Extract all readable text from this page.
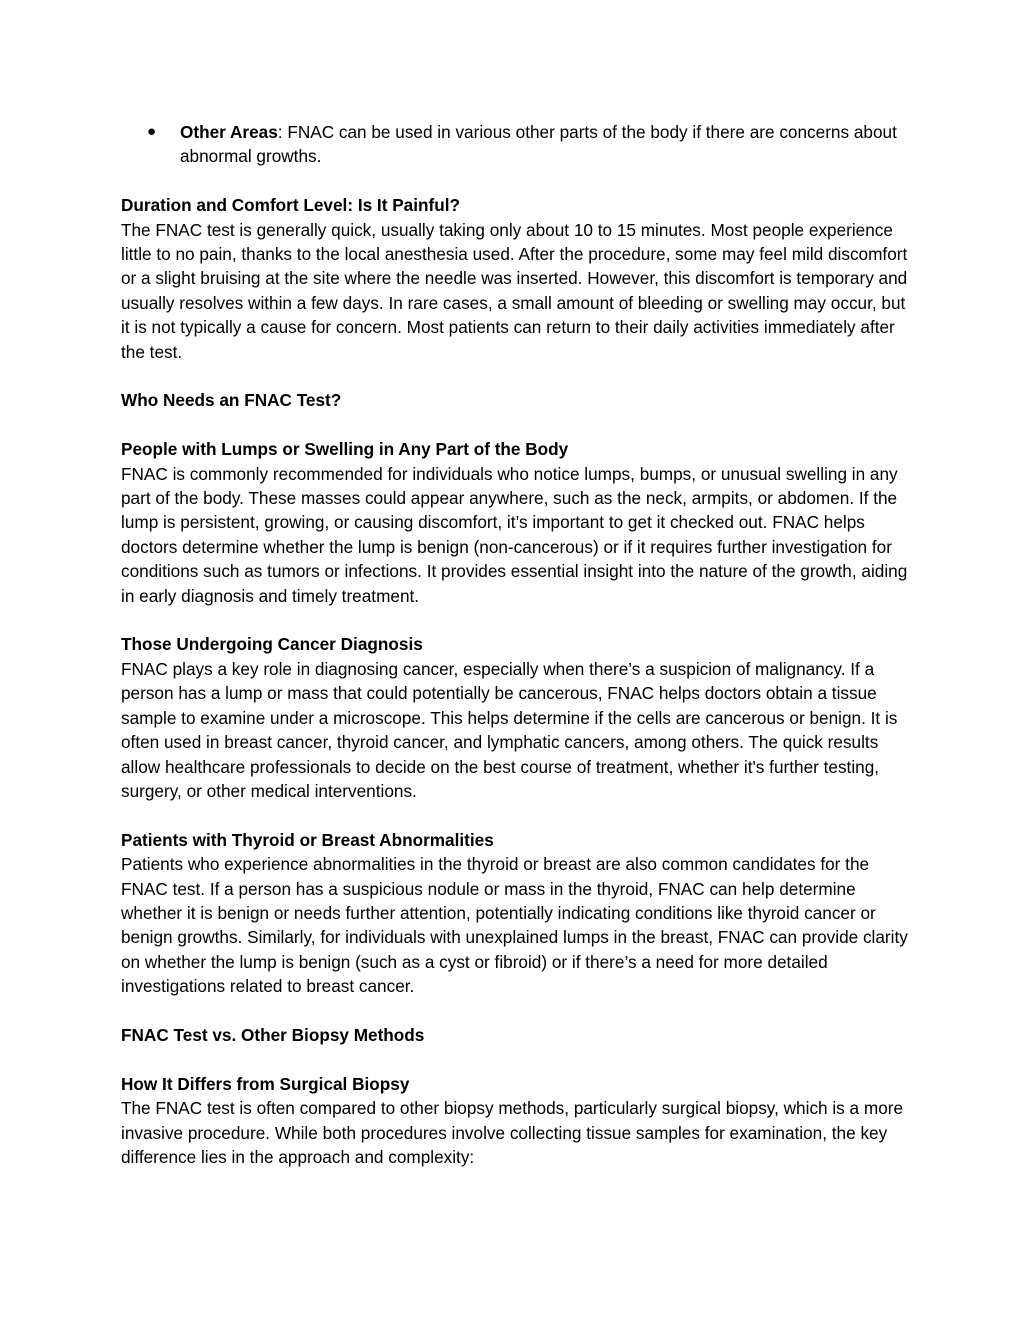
● Other Areas: FNAC can be used in various other parts of the body if there are concerns about abnormal growths.

Duration and Comfort Level: Is It Painful?

The FNAC test is generally quick, usually taking only about 10 to 15 minutes. Most people experience little to no pain, thanks to the local anesthesia used. After the procedure, some may feel mild discomfort or a slight bruising at the site where the needle was inserted. However, this discomfort is temporary and usually resolves within a few days. In rare cases, a small amount of bleeding or swelling may occur, but it is not typically a cause for concern. Most patients can return to their daily activities immediately after the test.

Who Needs an FNAC Test?

People with Lumps or Swelling in Any Part of the Body

FNAC is commonly recommended for individuals who notice lumps, bumps, or unusual swelling in any part of the body. These masses could appear anywhere, such as the neck, armpits, or abdomen. If the lump is persistent, growing, or causing discomfort, it’s important to get it checked out. FNAC helps doctors determine whether the lump is benign (non-cancerous) or if it requires further investigation for conditions such as tumors or infections. It provides essential insight into the nature of the growth, aiding in early diagnosis and timely treatment.

Those Undergoing Cancer Diagnosis

FNAC plays a key role in diagnosing cancer, especially when there’s a suspicion of malignancy. If a person has a lump or mass that could potentially be cancerous, FNAC helps doctors obtain a tissue sample to examine under a microscope. This helps determine if the cells are cancerous or benign. It is often used in breast cancer, thyroid cancer, and lymphatic cancers, among others. The quick results allow healthcare professionals to decide on the best course of treatment, whether it's further testing, surgery, or other medical interventions.

Patients with Thyroid or Breast Abnormalities

Patients who experience abnormalities in the thyroid or breast are also common candidates for the FNAC test. If a person has a suspicious nodule or mass in the thyroid, FNAC can help determine whether it is benign or needs further attention, potentially indicating conditions like thyroid cancer or benign growths. Similarly, for individuals with unexplained lumps in the breast, FNAC can provide clarity on whether the lump is benign (such as a cyst or fibroid) or if there’s a need for more detailed investigations related to breast cancer.

FNAC Test vs. Other Biopsy Methods

How It Differs from Surgical Biopsy

The FNAC test is often compared to other biopsy methods, particularly surgical biopsy, which is a more invasive procedure. While both procedures involve collecting tissue samples for examination, the key difference lies in the approach and complexity:
